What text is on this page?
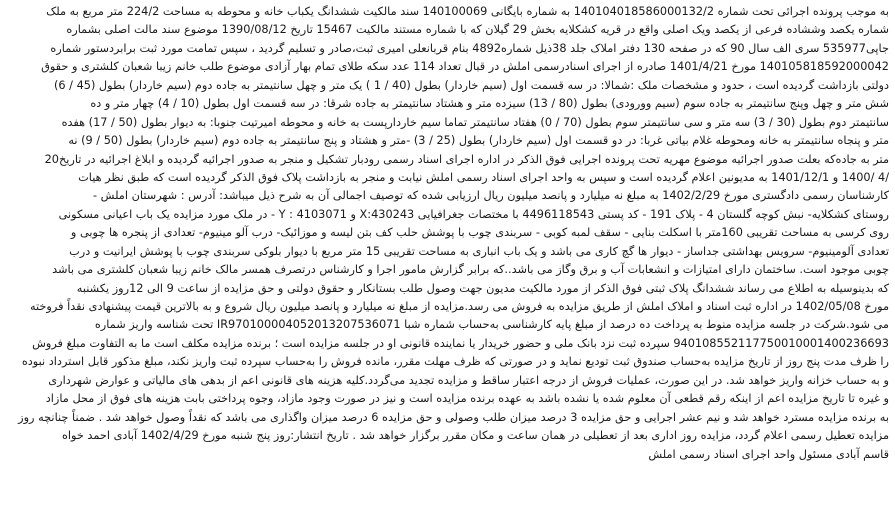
به موجب پرونده اجرائی تحت شماره 140104018586000132/2 به شماره بایگانی 140100069 سند مالکیت ششدانگ یکباب خانه و محوطه به مساحت 224/2 متر مربع به ملک
شماره یکصد وششاده فرعی از یکصد ویک اصلی واقع در قریه کشکلایه بخش 29 گیلان که با شماره مستند مالکیت 15467 تاریخ 1390/08/12 موضوع سند مالت اصلی بشماره
جاپی535977 سری الف سال 90 که در صفحه 130 دفتر املاک جلد 38ذیل شماره4892 بنام قربانعلی امیری ثبت،صادر و تسلیم گردید ، سپس تمامت مورد ثبت برابردستور شماره
140105818592000042 مورخ 1401/4/21 صادره از اجرای اسنادرسمی املش در قبال تعداد 114 عدد سکه طلای تمام بهار آزادی موضوع طلب خانم زیبا شعبان کلشتری و حقوق
دولتی بازداشت گردیده است ، حدود و مشخصات ملک :شمالا: در سه قسمت اول (سیم خاردار) بطول (40 / 1 ) یک متر و چهل سانتیمتر به جاده دوم (سیم خاردار) بطول (45 / 6)
شش متر و چهل وپنج سانتیمتر به جاده سوم (سیم وورودی) بطول (80 / 13) سیزده متر و هشتاد سانتیمتر به جاده شرقا: در سه قسمت اول بطول (10 / 4) چهار متر و ده
سانتیمتر دوم بطول (30 / 3) سه متر و سی سانتیمتر سوم بطول (70 / 0) هفتاد سانتیمتر تماما سیم خاردارپست به خانه و محوطه امیرتیت جنوبا: به دیوار بطول (50 / 17) هفده
متر و پنجاه سانتیمتر به خانه ومحوطه غلام بیاتی غربا: در دو قسمت اول (سیم خاردار) بطول (25 / 3) -متر و هشتاد و پنج سانتیمتر به جاده دوم (سیم خاردار) بطول (50 / 9) نه
متر به جاده‌که بعلت صدور اجرائیه موضوع مهریه تحت پرونده اجرایی فوق الذکر در اداره اجرای اسناد رسمی رودبار تشکیل و منجر به صدور اجرائیه گردیده و ابلاغ اجرائیه در تاریخ20
/4 /1400 و 1401/12/1 به مدیونین اعلام گردیده است و سپس به واحد اجرای اسناد رسمی املش نیابت و منجر به بازداشت پلاک فوق الذکر گردیده است که طبق نظر هیات
کارشناسان رسمی دادگستری مورخ 1402/2/29 به مبلغ نه میلیارد و پانصد میلیون ریال ارزیابی شده که توصیف اجمالی آن به شرح ذیل میباشد: آدرس : شهرستان املش -
روستای کشکلایه- نبش کوچه گلستان 4 - پلاک 191 - کد پستی 4496118543 با مختصات جغرافیایی 430243:X و 4103071 : Y - در ملک مورد مزایده یک باب اعیانی مسکونی
روی کرسی به مساحت تقریبی 160متر با اسکلت بنایی - سقف لمبه کوبی - سربندی چوب با پوشش حلب کف بتن لیسه و موزائیک- درب آلو مینیوم- تعدادی از پنجره ها چوبی و
تعدادی آلومینیوم- سرویس بهداشتی جداساز - دیوار ها گچ کاری می باشد و یک باب انباری به مساحت تقریبی 15 متر مربع با دیوار بلوکی سربندی چوب با پوشش ایرانیت و درب
چوبی موجود است. ساختمان دارای امتیازات و انشعابات آب و برق وگاز می باشد..که برابر گزارش مامور اجرا و کارشناس درتصرف همسر مالک خانم زیبا شعبان کلشتری می باشد
که بدینوسیله به اطلاع می رساند ششدانگ پلاک ثبتی فوق الذکر از مورد مالکیت مدیون جهت وصول طلب بستانکار و حقوق دولتی و حق مزایده از ساعت 9 الی 12روز یکشنبه
مورخ 1402/05/08 در اداره ثبت اسناد و املاک املش از طریق مزایده به فروش می رسد.مزایده از مبلغ نه میلیارد و پانصد میلیون ریال شروع و به بالاترین قیمت پیشنهادی نقداً فروخته
می شود.شرکت در جلسه مزایده منوط به پرداخت ده درصد از مبلغ پایه کارشناسی به‌حساب شماره شبا IR970100004052013207536071 تحت شناسه واریز شماره
940108552117750010001400236693 سپرده ثبت نزد بانک ملی و حضور خریدار یا نماینده قانونی او در جلسه مزایده است ؛ برنده مزایده مکلف است ما به التفاوت مبلغ فروش
را ظرف مدت پنج روز از تاریخ مزایده به‌حساب صندوق ثبت تودیع نماید و در صورتی که ظرف مهلت مقرر، مانده فروش را به‌حساب سپرده ثبت واریز نکند، مبلغ مذکور قابل استرداد نبوده
و به حساب خزانه واریز خواهد شد. در این صورت، عملیات فروش از درجه اعتبار ساقط و مزایده تجدید می‌گردد.کلیه هزینه های قانونی اعم از بدهی های مالیاتی و عوارض شهرداری
و غیره تا تاریخ مزایده اعم از اینکه رقم قطعی آن معلوم شده یا نشده باشد به عهده برنده مزایده است و نیز در صورت وجود مازاد، وجوه پرداختی بابت هزینه های فوق از محل مازاد
به برنده مزایده مسترد خواهد شد و نیم عشر اجرایی و حق مزایده 3 درصد میزان طلب وصولی و حق مزایده 6 درصد میزان واگذاری می باشد که نقداً وصول خواهد شد . ضمناً چنانچه روز
مزایده تعطیل رسمی اعلام گردد، مزایده روز اداری بعد از تعطیلی در همان ساعت و مکان مقرر برگزار خواهد شد . تاریخ انتشار:روز پنج شنبه مورخ 1402/4/29 آبادی احمد خواه
قاسم آبادی مسئول واحد اجرای اسناد رسمی املش
